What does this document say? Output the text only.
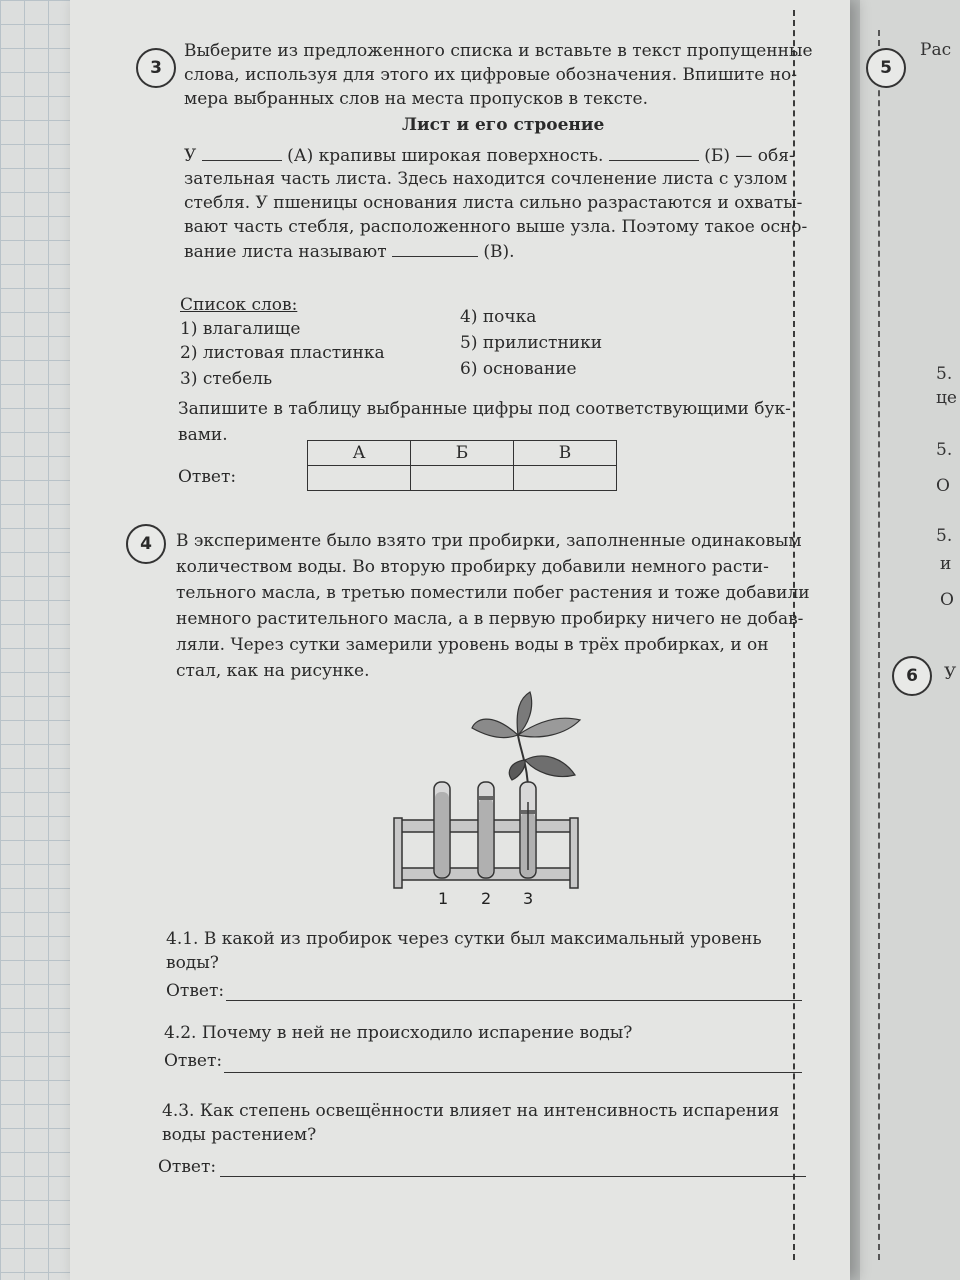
3
Выберите из предложенного списка и вставьте в текст пропущенные
слова, используя для этого их цифровые обозначения. Впишите но-
мера выбранных слов на места пропусков в тексте.
Лист и его строение
У	(А) крапивы широкая поверхность.	(Б) — обя-
зательная часть листа. Здесь находится сочленение листа с узлом
стебля. У пшеницы основания листа сильно разрастаются и охваты-
вают часть стебля, расположенного выше узла. Поэтому такое осно-
вание листа называют	(В).
Список слов:
1) влагалище
2) листовая пластинка
3) стебель
4) почка
5) прилистники
6) основание
Запишите в таблицу выбранные цифры под соответствующими бук-
вами.
Ответ:
А	Б	В

4	В эксперименте было взято три пробирки, заполненные одинаковым
количеством воды. Во вторую пробирку добавили немного расти-
тельного масла, в третью поместили побег растения и тоже добавили
немного растительного масла, а в первую пробирку ничего не добав-
ляли. Через сутки замерили уровень воды в трёх пробирках, и он
стал, как на рисунке.
1 2 3
4.1. В какой из пробирок через сутки был максимальный уровень
воды?
Ответ:
4.2. Почему в ней не происходило испарение воды?
Ответ:
4.3. Как степень освещённости влияет на интенсивность испарения
воды растением?
Ответ:
5
Рас
5.
це
5.
О
5.
и
О
6	У
